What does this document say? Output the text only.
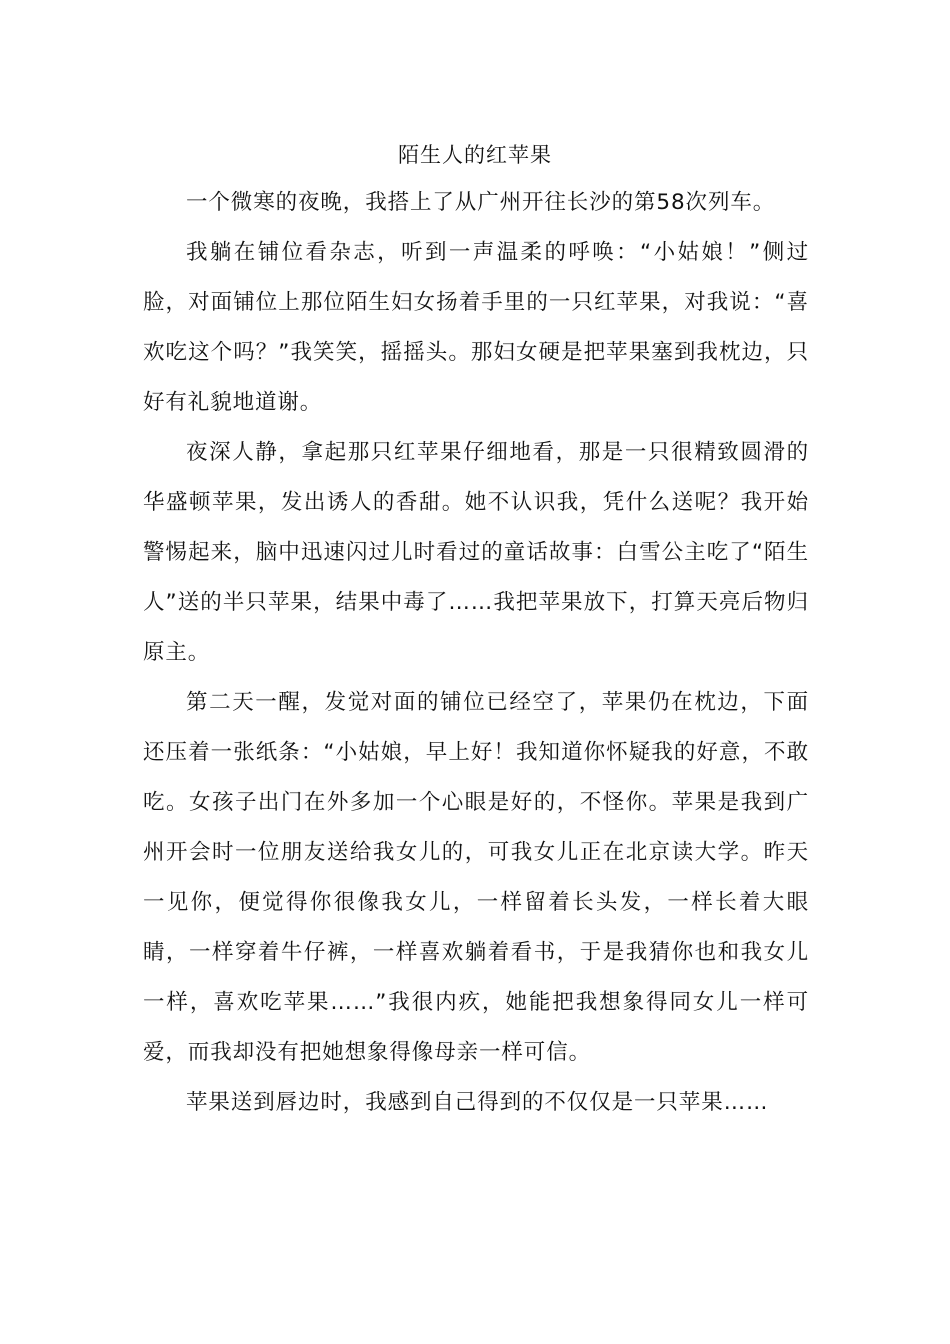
陌生人的红苹果

一个微寒的夜晚，我搭上了从广州开往长沙的第58次列车。

我躺在铺位看杂志，听到一声温柔的呼唤：“小姑娘！”侧过脸，对面铺位上那位陌生妇女扬着手里的一只红苹果，对我说：“喜欢吃这个吗？”我笑笑，摇摇头。那妇女硬是把苹果塞到我枕边，只好有礼貌地道谢。

夜深人静，拿起那只红苹果仔细地看，那是一只很精致圆滑的华盛顿苹果，发出诱人的香甜。她不认识我，凭什么送呢？我开始警惕起来，脑中迅速闪过儿时看过的童话故事：白雪公主吃了“陌生人”送的半只苹果，结果中毒了……我把苹果放下，打算天亮后物归原主。

第二天一醒，发觉对面的铺位已经空了，苹果仍在枕边，下面还压着一张纸条：“小姑娘，早上好！我知道你怀疑我的好意，不敢吃。女孩子出门在外多加一个心眼是好的，不怪你。苹果是我到广州开会时一位朋友送给我女儿的，可我女儿正在北京读大学。昨天一见你，便觉得你很像我女儿，一样留着长头发，一样长着大眼睛，一样穿着牛仔裤，一样喜欢躺着看书，于是我猜你也和我女儿一样，喜欢吃苹果……”我很内疚，她能把我想象得同女儿一样可爱，而我却没有把她想象得像母亲一样可信。

苹果送到唇边时，我感到自己得到的不仅仅是一只苹果……
